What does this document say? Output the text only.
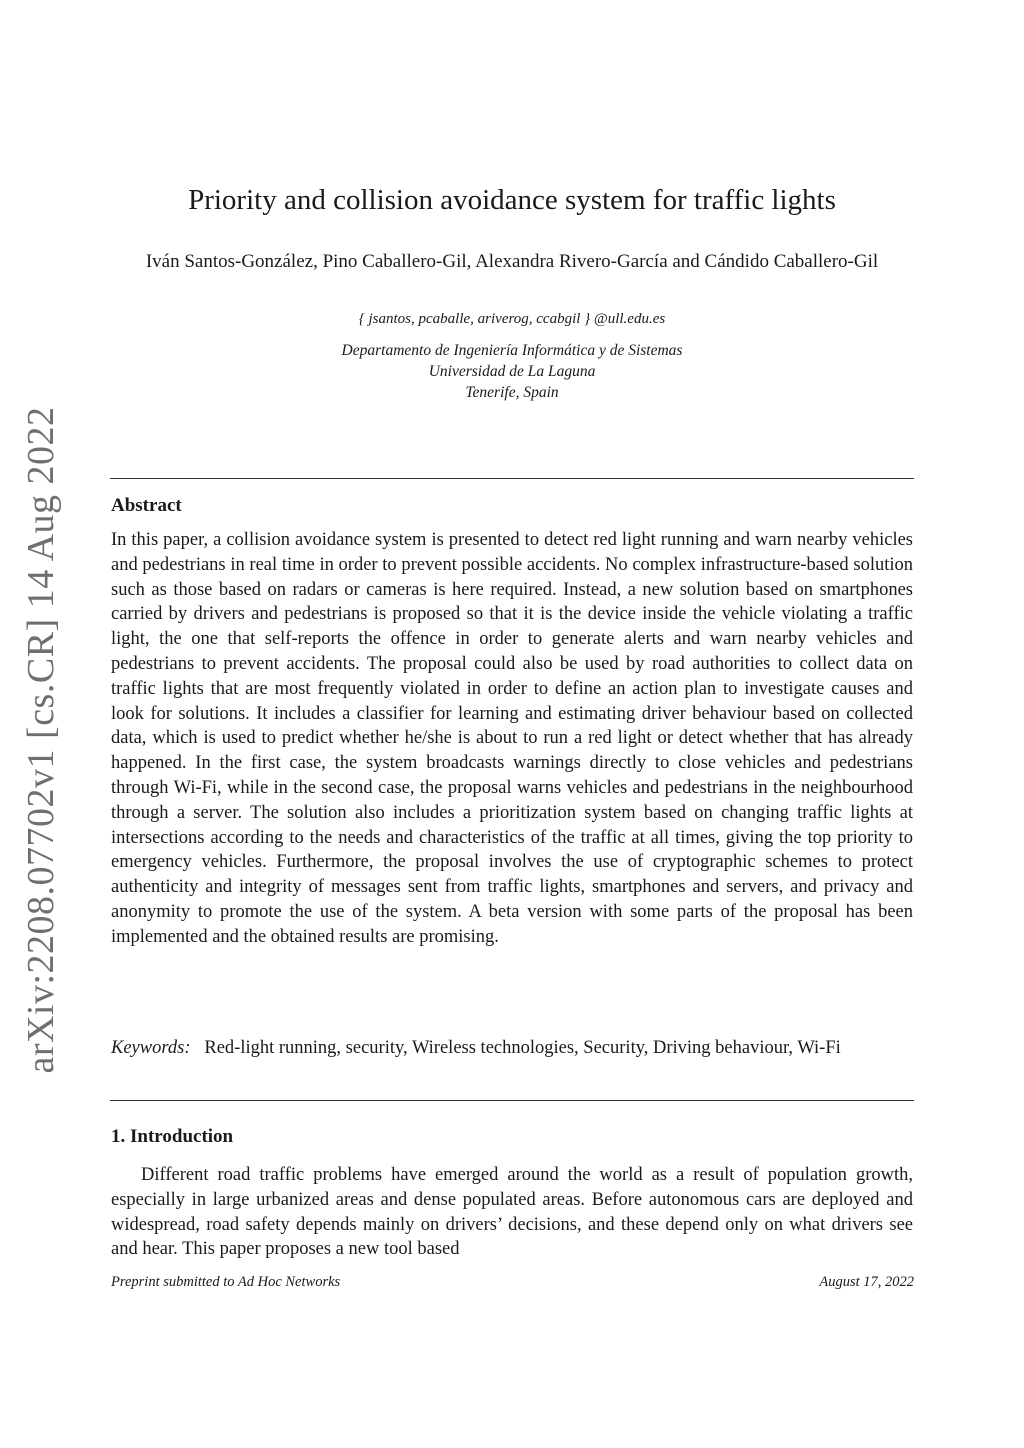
arXiv:2208.07702v1 [cs.CR] 14 Aug 2022
Priority and collision avoidance system for traffic lights
Iván Santos-González, Pino Caballero-Gil, Alexandra Rivero-García and Cándido Caballero-Gil
{ jsantos, pcaballe, ariverog, ccabgil } @ull.edu.es
Departamento de Ingeniería Informática y de Sistemas
Universidad de La Laguna
Tenerife, Spain
Abstract

In this paper, a collision avoidance system is presented to detect red light running and warn nearby vehicles and pedestrians in real time in order to prevent possible accidents. No complex infrastructure-based solution such as those based on radars or cameras is here required. Instead, a new solution based on smartphones carried by drivers and pedestrians is proposed so that it is the device inside the vehicle violating a traffic light, the one that self-reports the offence in order to generate alerts and warn nearby vehicles and pedestrians to prevent accidents. The proposal could also be used by road authorities to collect data on traffic lights that are most frequently violated in order to define an action plan to investigate causes and look for solutions. It includes a classifier for learning and estimating driver behaviour based on collected data, which is used to predict whether he/she is about to run a red light or detect whether that has already happened. In the first case, the system broadcasts warnings directly to close vehicles and pedestrians through Wi-Fi, while in the second case, the proposal warns vehicles and pedestrians in the neighbourhood through a server. The solution also includes a prioritization system based on changing traffic lights at intersections according to the needs and characteristics of the traffic at all times, giving the top priority to emergency vehicles. Furthermore, the proposal involves the use of cryptographic schemes to protect authenticity and integrity of messages sent from traffic lights, smartphones and servers, and privacy and anonymity to promote the use of the system. A beta version with some parts of the proposal has been implemented and the obtained results are promising.

Keywords: Red-light running, security, Wireless technologies, Security, Driving behaviour, Wi-Fi

1. Introduction

Different road traffic problems have emerged around the world as a result of population growth, especially in large urbanized areas and dense populated areas. Before autonomous cars are deployed and widespread, road safety depends mainly on drivers’ decisions, and these depend only on what drivers see and hear. This paper proposes a new tool based

Preprint submitted to Ad Hoc Networks	August 17, 2022
